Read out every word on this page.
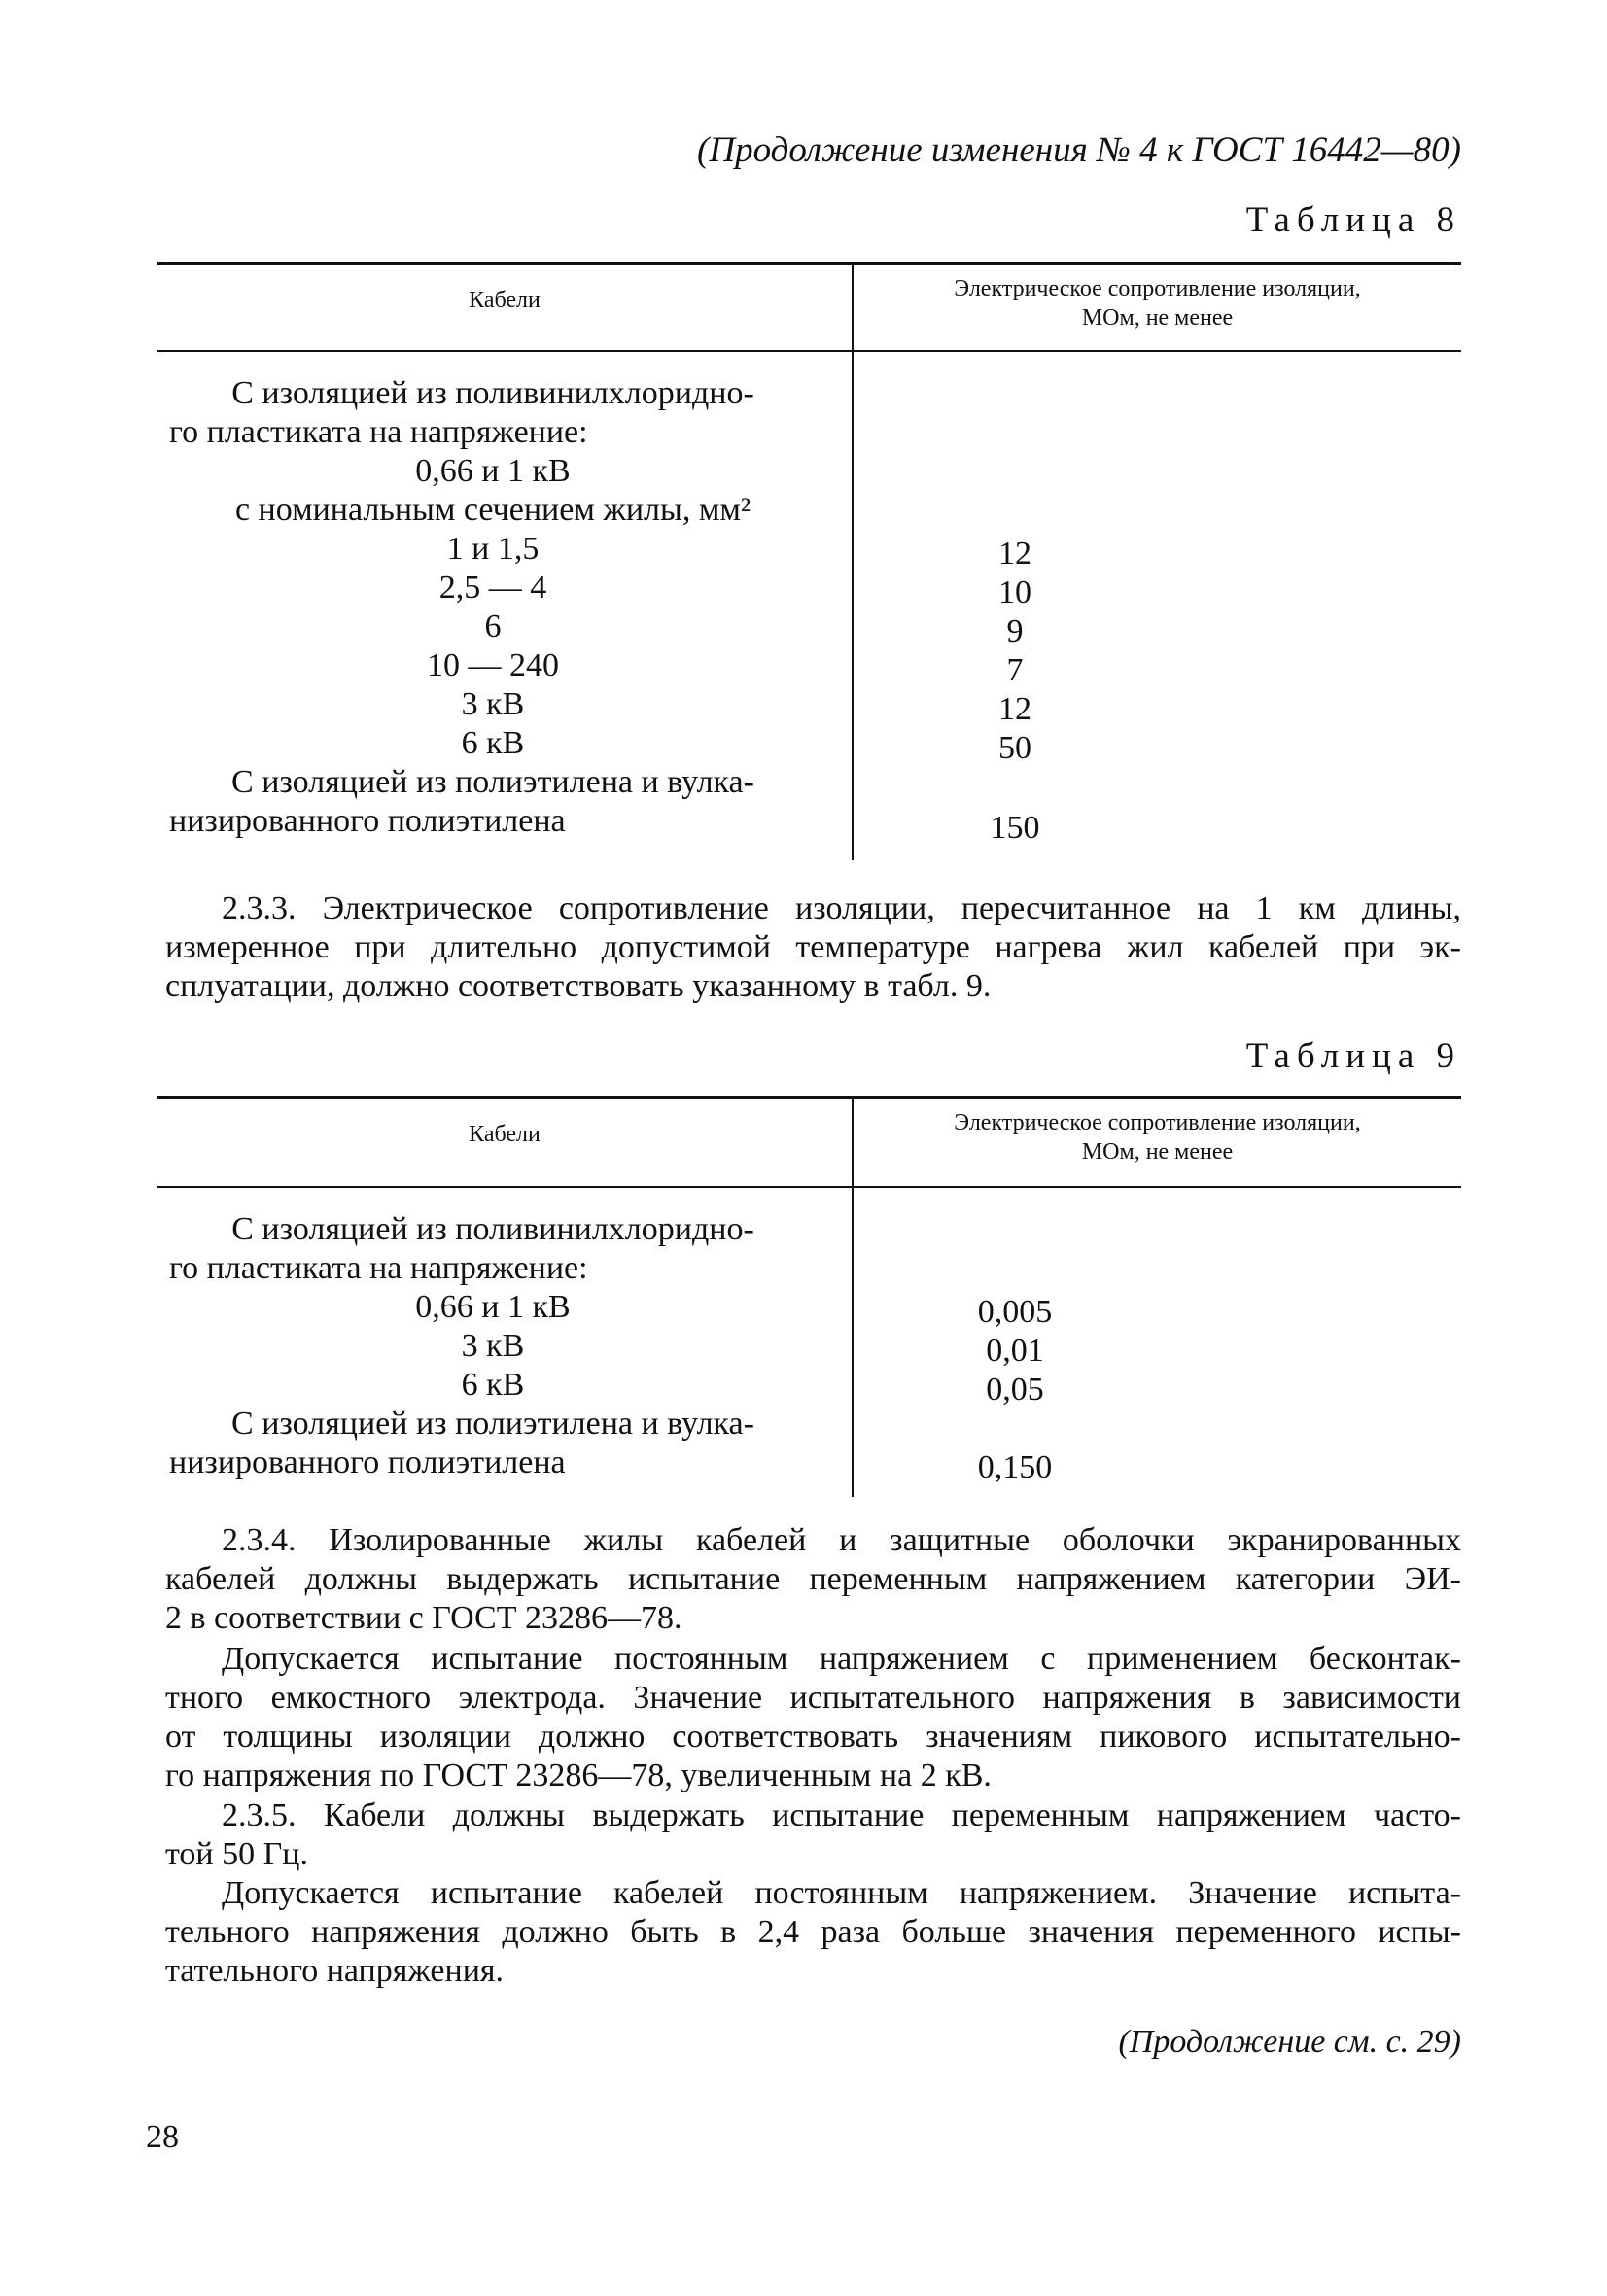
(Продолжение изменения № 4 к ГОСТ 16442—80)
Таблица 8
Кабели	Электрическое сопротивление изоляции,
МОм, не менее
С изоляцией из поливинилхлоридно-
го пластиката на напряжение:
0,66 и 1 кВ
с номинальным сечением жилы, мм²
1 и 1,5
2,5 — 4
6
10 — 240
3 кВ
6 кВ
С изоляцией из полиэтилена и вулка-
низированного полиэтилена
12
10
9
7
12
50
150
2.3.3. Электрическое сопротивление изоляции, пересчитанное на 1 км длины,
измеренное при длительно допустимой температуре нагрева жил кабелей при эк-
сплуатации, должно соответствовать указанному в табл. 9.
Таблица 9
Кабели	Электрическое сопротивление изоляции,
МОм, не менее
С изоляцией из поливинилхлоридно-
го пластиката на напряжение:
0,66 и 1 кВ
3 кВ
6 кВ
С изоляцией из полиэтилена и вулка-
низированного полиэтилена
0,005
0,01
0,05
0,150
2.3.4. Изолированные жилы кабелей и защитные оболочки экранированных
кабелей должны выдержать испытание переменным напряжением категории ЭИ-
2 в соответствии с ГОСТ 23286—78.
Допускается испытание постоянным напряжением с применением бесконтак-
тного емкостного электрода. Значение испытательного напряжения в зависимости
от толщины изоляции должно соответствовать значениям пикового испытательно-
го напряжения по ГОСТ 23286—78, увеличенным на 2 кВ.
2.3.5. Кабели должны выдержать испытание переменным напряжением часто-
той 50 Гц.
Допускается испытание кабелей постоянным напряжением. Значение испыта-
тельного напряжения должно быть в 2,4 раза больше значения переменного испы-
тательного напряжения.
(Продолжение см. с. 29)
28
